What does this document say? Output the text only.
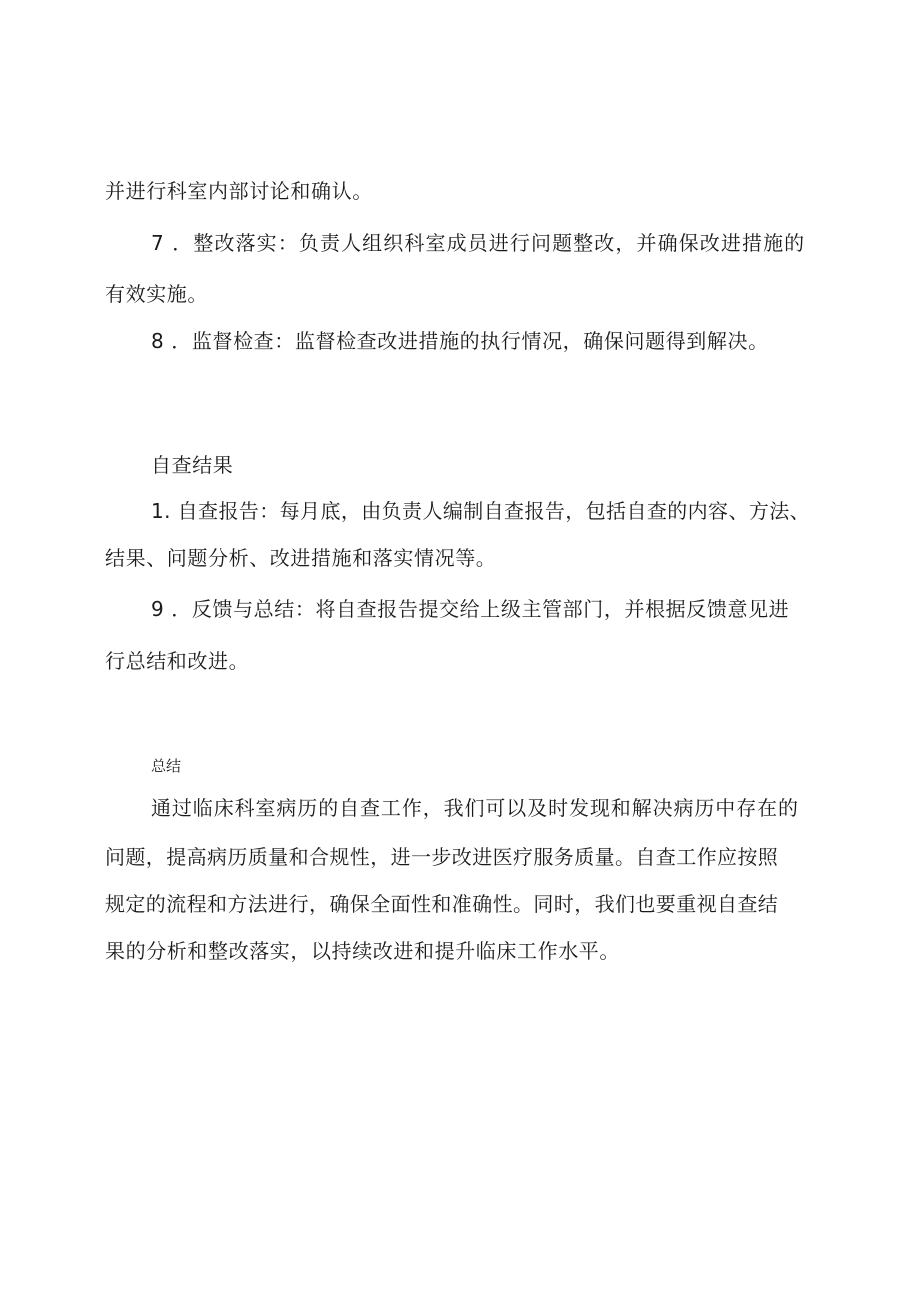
并进行科室内部讨论和确认。
7 ．整改落实：负责人组织科室成员进行问题整改，并确保改进措施的
有效实施。
8 ．监督检查：监督检查改进措施的执行情况，确保问题得到解决。
自查结果
1. 自查报告：每月底，由负责人编制自查报告，包括自查的内容、方法、
结果、问题分析、改进措施和落实情况等。
9 ．反馈与总结：将自查报告提交给上级主管部门，并根据反馈意见进
行总结和改进。
总结
通过临床科室病历的自查工作，我们可以及时发现和解决病历中存在的
问题，提高病历质量和合规性，进一步改进医疗服务质量。自查工作应按照
规定的流程和方法进行，确保全面性和准确性。同时，我们也要重视自查结
果的分析和整改落实，以持续改进和提升临床工作水平。
